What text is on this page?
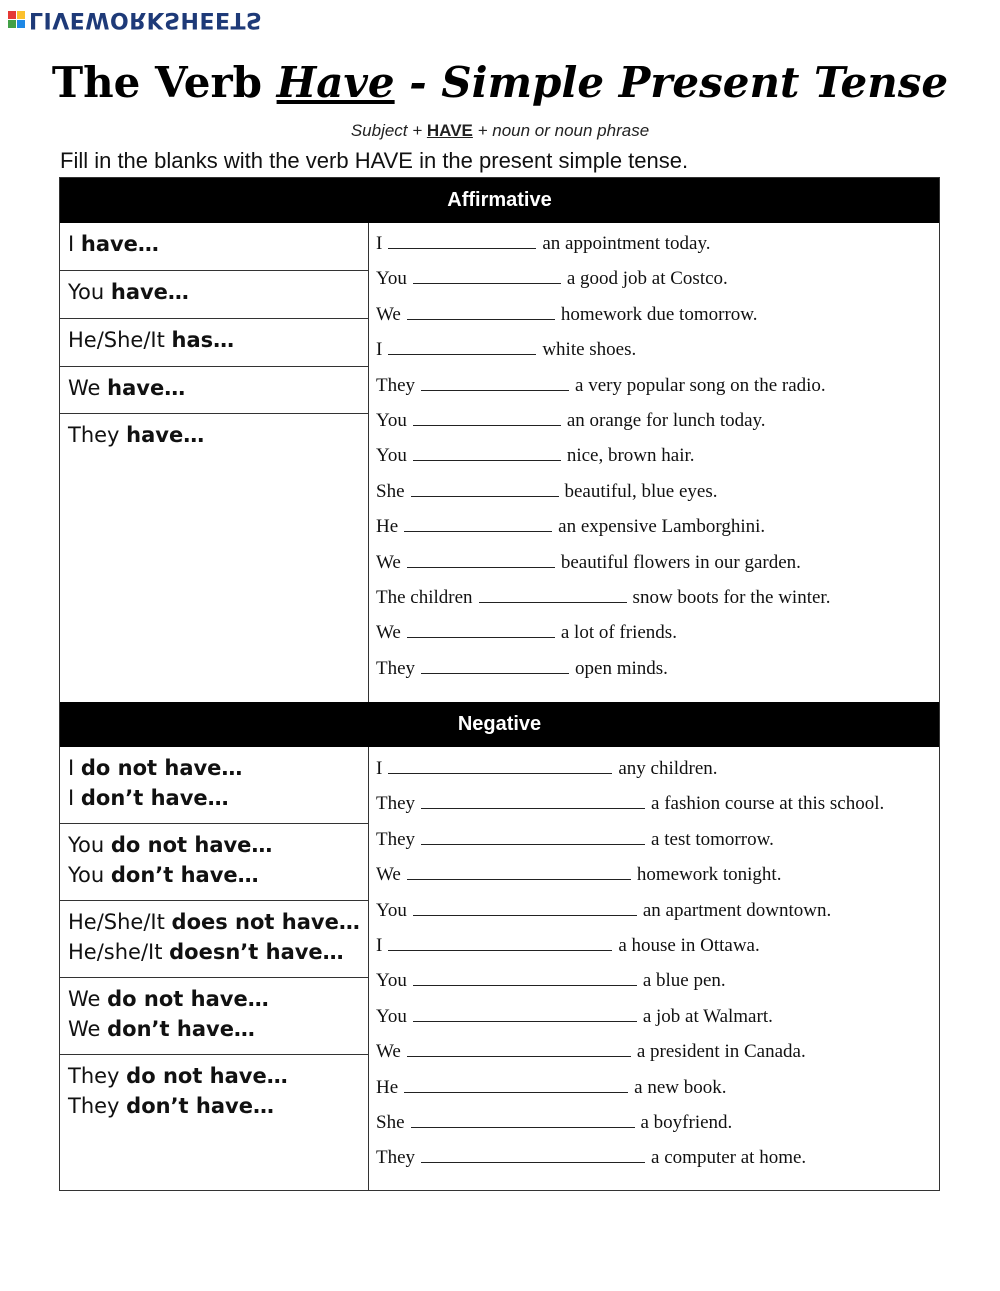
LIVEWORKSHEETS
The Verb Have - Simple Present Tense
Subject + HAVE + noun or noun phrase
Fill in the blanks with the verb HAVE in the present simple tense.
Affirmative
I have…
You have…
He/She/It has…
We have…
They have…
I	an appointment today.
You	a good job at Costco.
We	homework due tomorrow.
I	white shoes.
They	a very popular song on the radio.
You	an orange for lunch today.
You	nice, brown hair.
She	beautiful, blue eyes.
He	an expensive Lamborghini.
We	beautiful flowers in our garden.
The children	snow boots for the winter.
We	a lot of friends.
They	open minds.
Negative
I do not have…
I don’t have…
You do not have…
You don’t have…
He/She/It does not have…
He/she/It doesn’t have…
We do not have…
We don’t have…
They do not have…
They don’t have…
I	any children.
They	a fashion course at this school.
They	a test tomorrow.
We	homework tonight.
You	an apartment downtown.
I	a house in Ottawa.
You	a blue pen.
You	a job at Walmart.
We	a president in Canada.
He	a new book.
She	a boyfriend.
They	a computer at home.
